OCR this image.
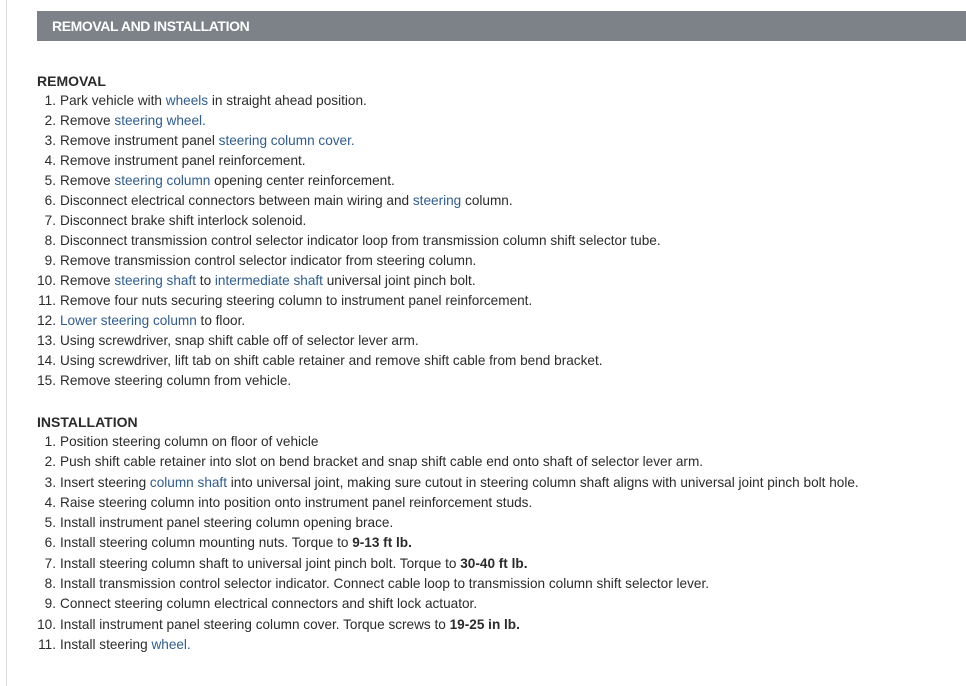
REMOVAL AND INSTALLATION
REMOVAL
1. Park vehicle with wheels in straight ahead position.
2. Remove steering wheel.
3. Remove instrument panel steering column cover.
4. Remove instrument panel reinforcement.
5. Remove steering column opening center reinforcement.
6. Disconnect electrical connectors between main wiring and steering column.
7. Disconnect brake shift interlock solenoid.
8. Disconnect transmission control selector indicator loop from transmission column shift selector tube.
9. Remove transmission control selector indicator from steering column.
10. Remove steering shaft to intermediate shaft universal joint pinch bolt.
11. Remove four nuts securing steering column to instrument panel reinforcement.
12. Lower steering column to floor.
13. Using screwdriver, snap shift cable off of selector lever arm.
14. Using screwdriver, lift tab on shift cable retainer and remove shift cable from bend bracket.
15. Remove steering column from vehicle.
INSTALLATION
1. Position steering column on floor of vehicle
2. Push shift cable retainer into slot on bend bracket and snap shift cable end onto shaft of selector lever arm.
3. Insert steering column shaft into universal joint, making sure cutout in steering column shaft aligns with universal joint pinch bolt hole.
4. Raise steering column into position onto instrument panel reinforcement studs.
5. Install instrument panel steering column opening brace.
6. Install steering column mounting nuts. Torque to 9-13 ft lb.
7. Install steering column shaft to universal joint pinch bolt. Torque to 30-40 ft lb.
8. Install transmission control selector indicator. Connect cable loop to transmission column shift selector lever.
9. Connect steering column electrical connectors and shift lock actuator.
10. Install instrument panel steering column cover. Torque screws to 19-25 in lb.
11. Install steering wheel.
